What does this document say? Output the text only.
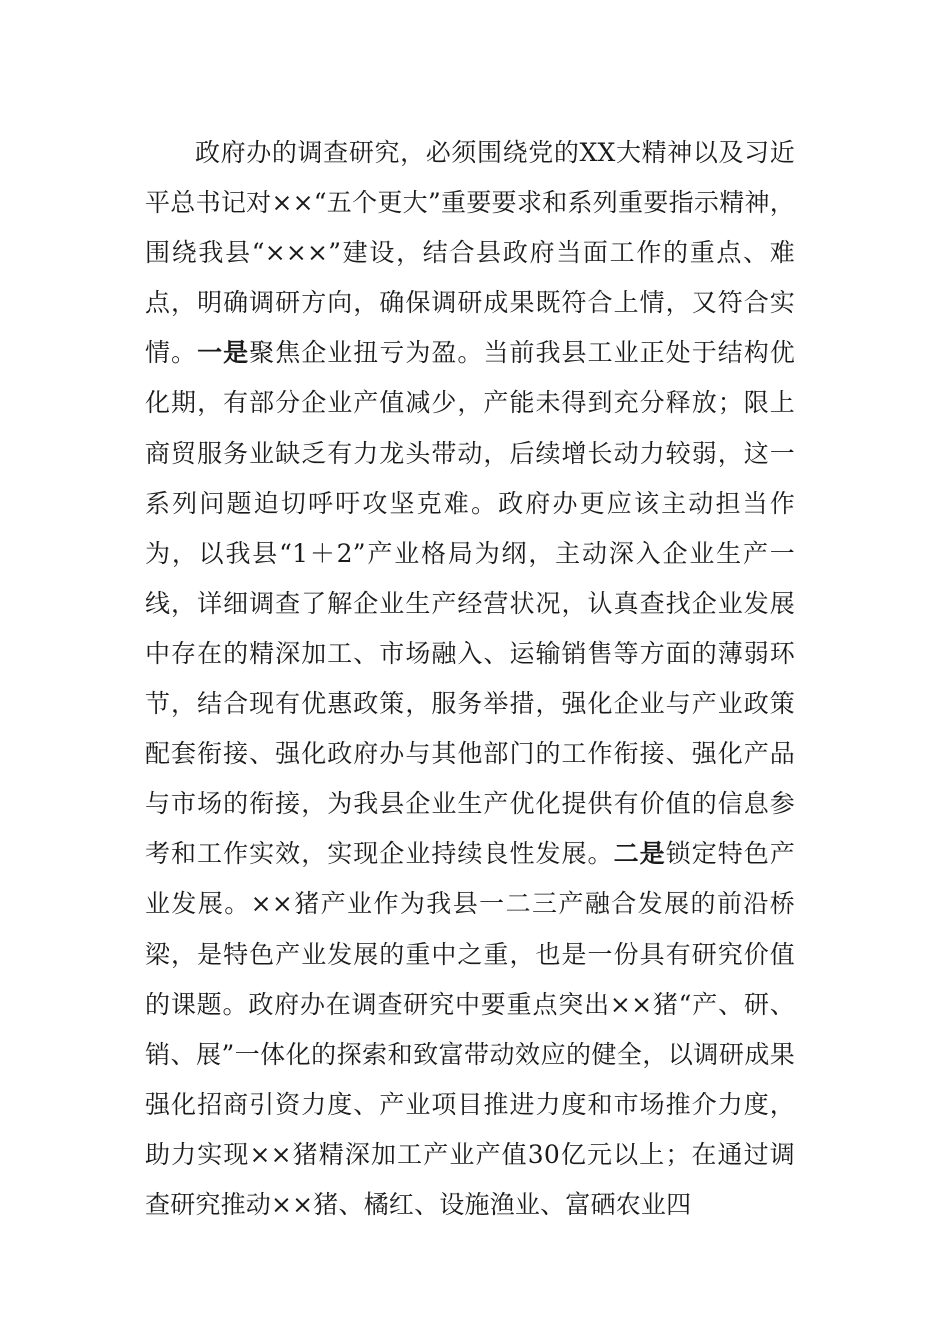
政府办的调查研究，必须围绕党的XX大精神以及习近平总书记对××“五个更大”重要要求和系列重要指示精神，围绕我县“×××”建设，结合县政府当面工作的重点、难点，明确调研方向，确保调研成果既符合上情，又符合实情。一是聚焦企业扭亏为盈。当前我县工业正处于结构优化期，有部分企业产值减少，产能未得到充分释放；限上商贸服务业缺乏有力龙头带动，后续增长动力较弱，这一系列问题迫切呼吁攻坚克难。政府办更应该主动担当作为，以我县“1＋2”产业格局为纲，主动深入企业生产一线，详细调查了解企业生产经营状况，认真查找企业发展中存在的精深加工、市场融入、运输销售等方面的薄弱环节，结合现有优惠政策，服务举措，强化企业与产业政策配套衔接、强化政府办与其他部门的工作衔接、强化产品与市场的衔接，为我县企业生产优化提供有价值的信息参考和工作实效，实现企业持续良性发展。二是锁定特色产业发展。××猪产业作为我县一二三产融合发展的前沿桥梁，是特色产业发展的重中之重，也是一份具有研究价值的课题。政府办在调查研究中要重点突出××猪“产、研、销、展”一体化的探索和致富带动效应的健全，以调研成果强化招商引资力度、产业项目推进力度和市场推介力度，助力实现××猪精深加工产业产值30亿元以上；在通过调查研究推动××猪、橘红、设施渔业、富硒农业四
